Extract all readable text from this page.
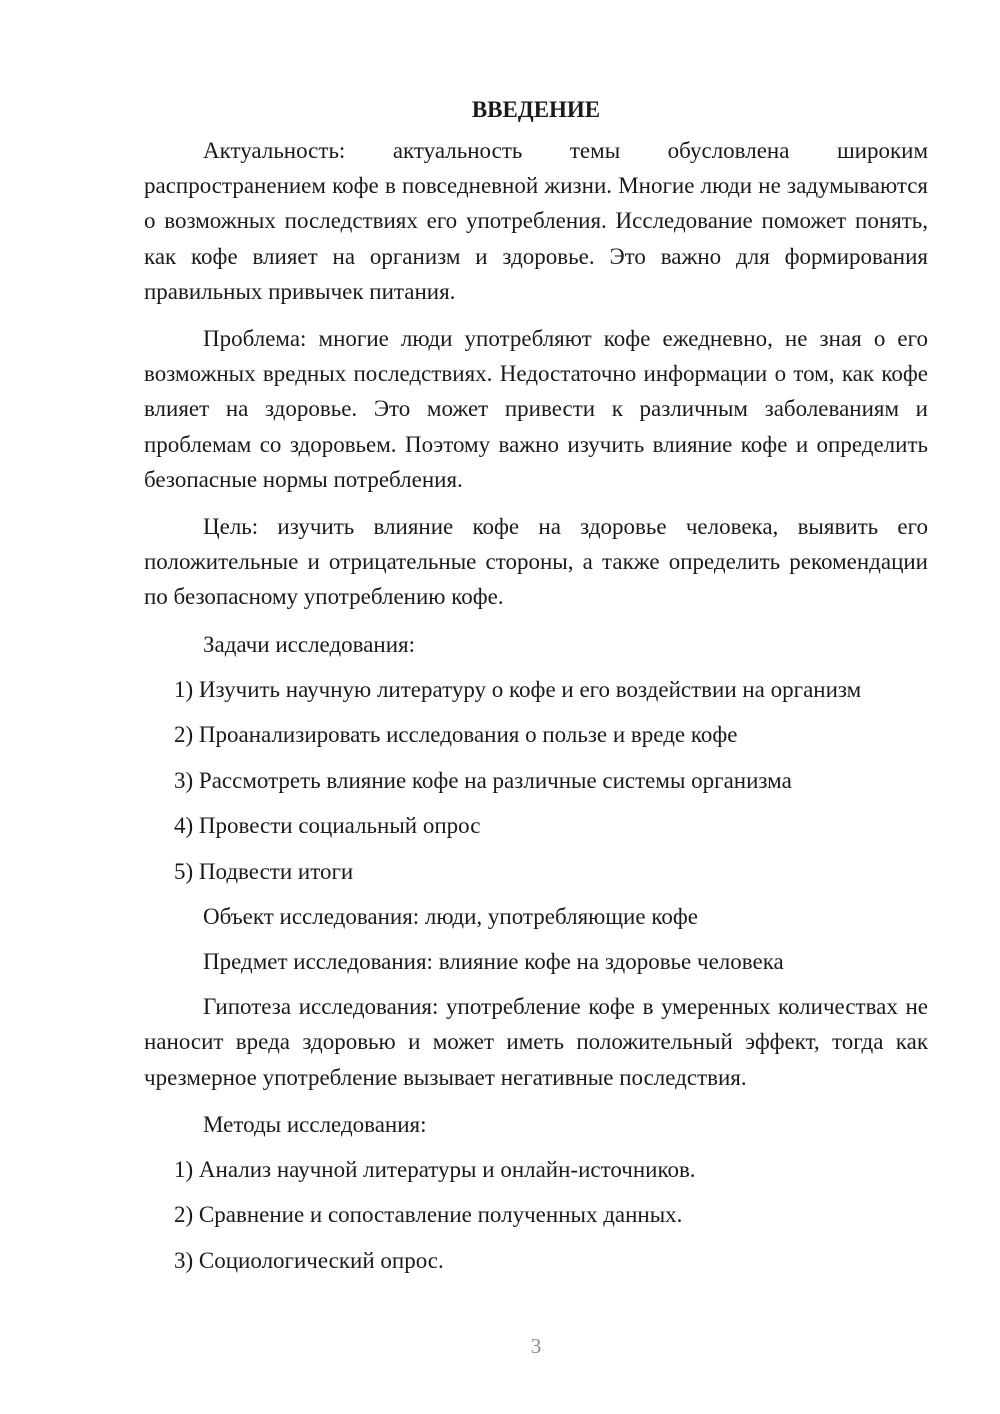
ВВЕДЕНИЕ

Актуальность: актуальность темы обусловлена широким распространением кофе в повседневной жизни. Многие люди не задумываются о возможных последствиях его употребления. Исследование поможет понять, как кофе влияет на организм и здоровье. Это важно для формирования правильных привычек питания.

Проблема: многие люди употребляют кофе ежедневно, не зная о его возможных вредных последствиях. Недостаточно информации о том, как кофе влияет на здоровье. Это может привести к различным заболеваниям и проблемам со здоровьем. Поэтому важно изучить влияние кофе и определить безопасные нормы потребления.

Цель: изучить влияние кофе на здоровье человека, выявить его положительные и отрицательные стороны, а также определить рекомендации по безопасному употреблению кофе.

Задачи исследования:
1) Изучить научную литературу о кофе и его воздействии на организм
2) Проанализировать исследования о пользе и вреде кофе
3) Рассмотреть влияние кофе на различные системы организма
4) Провести социальный опрос
5) Подвести итоги
Объект исследования: люди, употребляющие кофе
Предмет исследования: влияние кофе на здоровье человека

Гипотеза исследования: употребление кофе в умеренных количествах не наносит вреда здоровью и может иметь положительный эффект, тогда как чрезмерное употребление вызывает негативные последствия.

Методы исследования:
1) Анализ научной литературы и онлайн-источников.
2) Сравнение и сопоставление полученных данных.
3) Социологический опрос.
3
